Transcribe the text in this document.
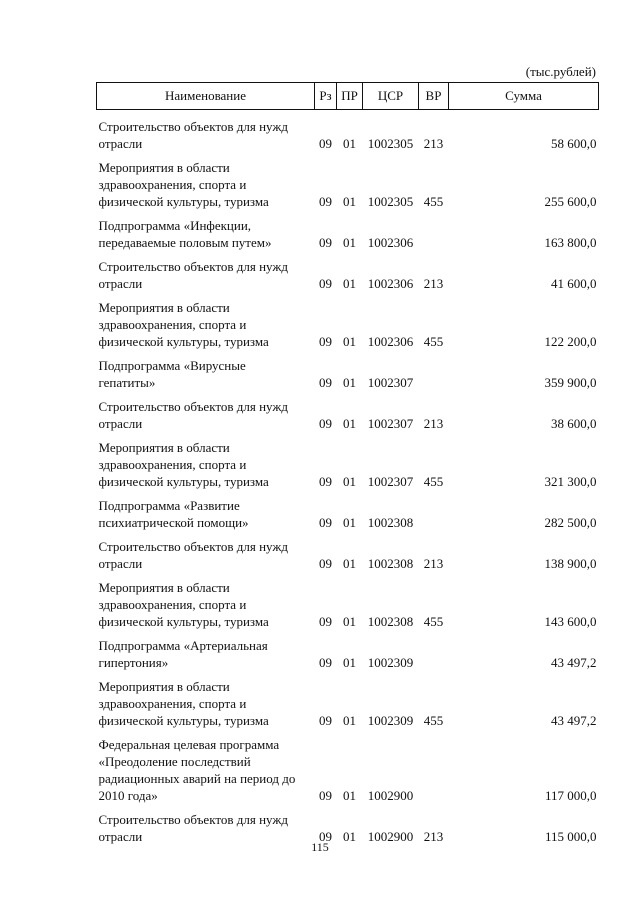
(тыс.рублей)
Наименование	Рз	ПР	ЦСР	ВР	Сумма

Строительство объектов для нужд
отрасли	09	01	1002305	213	58 600,0

Мероприятия в области
здравоохранения, спорта и
физической культуры, туризма	09	01	1002305	455	255 600,0

Подпрограмма «Инфекции,
передаваемые половым путем»	09	01	1002306		163 800,0

Строительство объектов для нужд
отрасли	09	01	1002306	213	41 600,0

Мероприятия в области
здравоохранения, спорта и
физической культуры, туризма	09	01	1002306	455	122 200,0

Подпрограмма «Вирусные
гепатиты»	09	01	1002307		359 900,0

Строительство объектов для нужд
отрасли	09	01	1002307	213	38 600,0

Мероприятия в области
здравоохранения, спорта и
физической культуры, туризма	09	01	1002307	455	321 300,0

Подпрограмма «Развитие
психиатрической помощи»	09	01	1002308		282 500,0

Строительство объектов для нужд
отрасли	09	01	1002308	213	138 900,0

Мероприятия в области
здравоохранения, спорта и
физической культуры, туризма	09	01	1002308	455	143 600,0

Подпрограмма «Артериальная
гипертония»	09	01	1002309		43 497,2

Мероприятия в области
здравоохранения, спорта и
физической культуры, туризма	09	01	1002309	455	43 497,2

Федеральная целевая программа
«Преодоление последствий
радиационных аварий на период до
2010 года»	09	01	1002900		117 000,0

Строительство объектов для нужд
отрасли	09	01	1002900	213	115 000,0
115
